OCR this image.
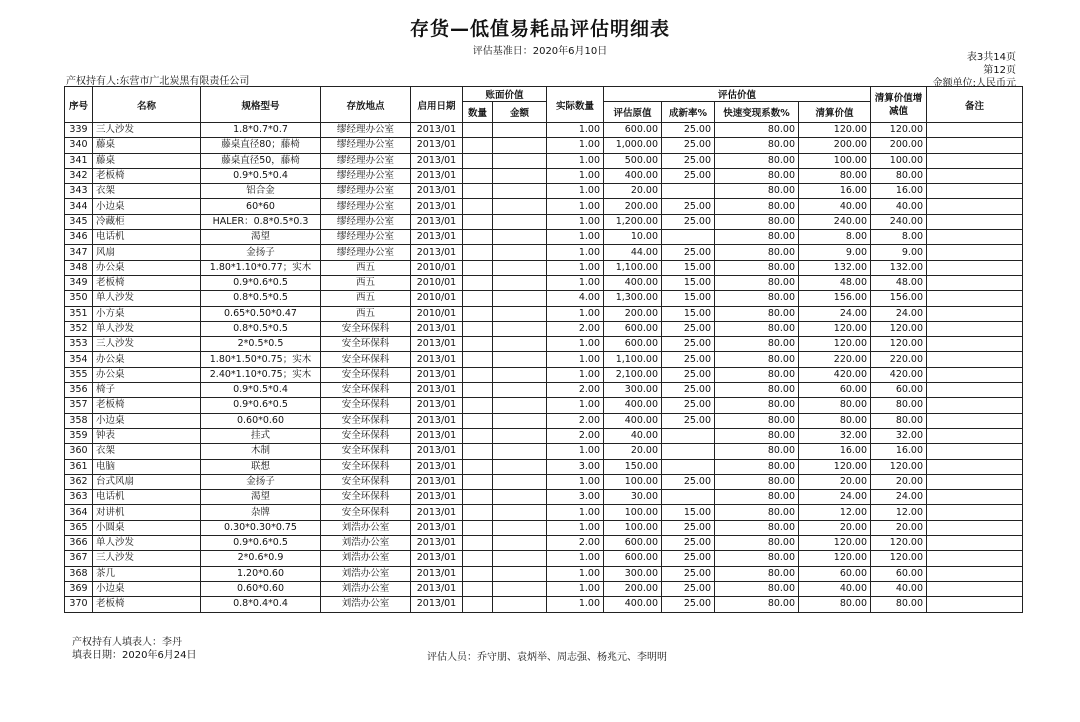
存货—低值易耗品评估明细表
评估基准日：2020年6月10日
表3共14页
第12页
金额单位:人民币元
产权持有人:东营市广北炭黑有限责任公司
序号	名称	规格型号	存放地点	启用日期	账面价值		实际数量	评估价值				清算价值增减值	备注
					数量	金额		评估原值	成新率%	快速变现系数%	清算价值		
339	三人沙发	1.8*0.7*0.7	缪经理办公室	2013/01			1.00	600.00	25.00	80.00	120.00	120.00	
340	藤桌	藤桌直径80；藤椅	缪经理办公室	2013/01			1.00	1,000.00	25.00	80.00	200.00	200.00	
341	藤桌	藤桌直径50，藤椅	缪经理办公室	2013/01			1.00	500.00	25.00	80.00	100.00	100.00	
342	老板椅	0.9*0.5*0.4	缪经理办公室	2013/01			1.00	400.00	25.00	80.00	80.00	80.00	
343	衣架	铝合金	缪经理办公室	2013/01			1.00	20.00		80.00	16.00	16.00	
344	小边桌	60*60	缪经理办公室	2013/01			1.00	200.00	25.00	80.00	40.00	40.00	
345	冷藏柜	HALER：0.8*0.5*0.3	缪经理办公室	2013/01			1.00	1,200.00	25.00	80.00	240.00	240.00	
346	电话机	渴望	缪经理办公室	2013/01			1.00	10.00		80.00	8.00	8.00	
347	风扇	金扬子	缪经理办公室	2013/01			1.00	44.00	25.00	80.00	9.00	9.00	
348	办公桌	1.80*1.10*0.77；实木	西五	2010/01			1.00	1,100.00	15.00	80.00	132.00	132.00	
349	老板椅	0.9*0.6*0.5	西五	2010/01			1.00	400.00	15.00	80.00	48.00	48.00	
350	单人沙发	0.8*0.5*0.5	西五	2010/01			4.00	1,300.00	15.00	80.00	156.00	156.00	
351	小方桌	0.65*0.50*0.47	西五	2010/01			1.00	200.00	15.00	80.00	24.00	24.00	
352	单人沙发	0.8*0.5*0.5	安全环保科	2013/01			2.00	600.00	25.00	80.00	120.00	120.00	
353	三人沙发	2*0.5*0.5	安全环保科	2013/01			1.00	600.00	25.00	80.00	120.00	120.00	
354	办公桌	1.80*1.50*0.75；实木	安全环保科	2013/01			1.00	1,100.00	25.00	80.00	220.00	220.00	
355	办公桌	2.40*1.10*0.75；实木	安全环保科	2013/01			1.00	2,100.00	25.00	80.00	420.00	420.00	
356	椅子	0.9*0.5*0.4	安全环保科	2013/01			2.00	300.00	25.00	80.00	60.00	60.00	
357	老板椅	0.9*0.6*0.5	安全环保科	2013/01			1.00	400.00	25.00	80.00	80.00	80.00	
358	小边桌	0.60*0.60	安全环保科	2013/01			2.00	400.00	25.00	80.00	80.00	80.00	
359	钟表	挂式	安全环保科	2013/01			2.00	40.00		80.00	32.00	32.00	
360	衣架	木制	安全环保科	2013/01			1.00	20.00		80.00	16.00	16.00	
361	电脑	联想	安全环保科	2013/01			3.00	150.00		80.00	120.00	120.00	
362	台式风扇	金扬子	安全环保科	2013/01			1.00	100.00	25.00	80.00	20.00	20.00	
363	电话机	渴望	安全环保科	2013/01			3.00	30.00		80.00	24.00	24.00	
364	对讲机	杂牌	安全环保科	2013/01			1.00	100.00	15.00	80.00	12.00	12.00	
365	小圆桌	0.30*0.30*0.75	刘浩办公室	2013/01			1.00	100.00	25.00	80.00	20.00	20.00	
366	单人沙发	0.9*0.6*0.5	刘浩办公室	2013/01			2.00	600.00	25.00	80.00	120.00	120.00	
367	三人沙发	2*0.6*0.9	刘浩办公室	2013/01			1.00	600.00	25.00	80.00	120.00	120.00	
368	茶几	1.20*0.60	刘浩办公室	2013/01			1.00	300.00	25.00	80.00	60.00	60.00	
369	小边桌	0.60*0.60	刘浩办公室	2013/01			1.00	200.00	25.00	80.00	40.00	40.00	
370	老板椅	0.8*0.4*0.4	刘浩办公室	2013/01			1.00	400.00	25.00	80.00	80.00	80.00	
产权持有人填表人：李丹
填表日期：2020年6月24日	评估人员：乔守朋、袁炳举、周志强、杨兆元、李明明
